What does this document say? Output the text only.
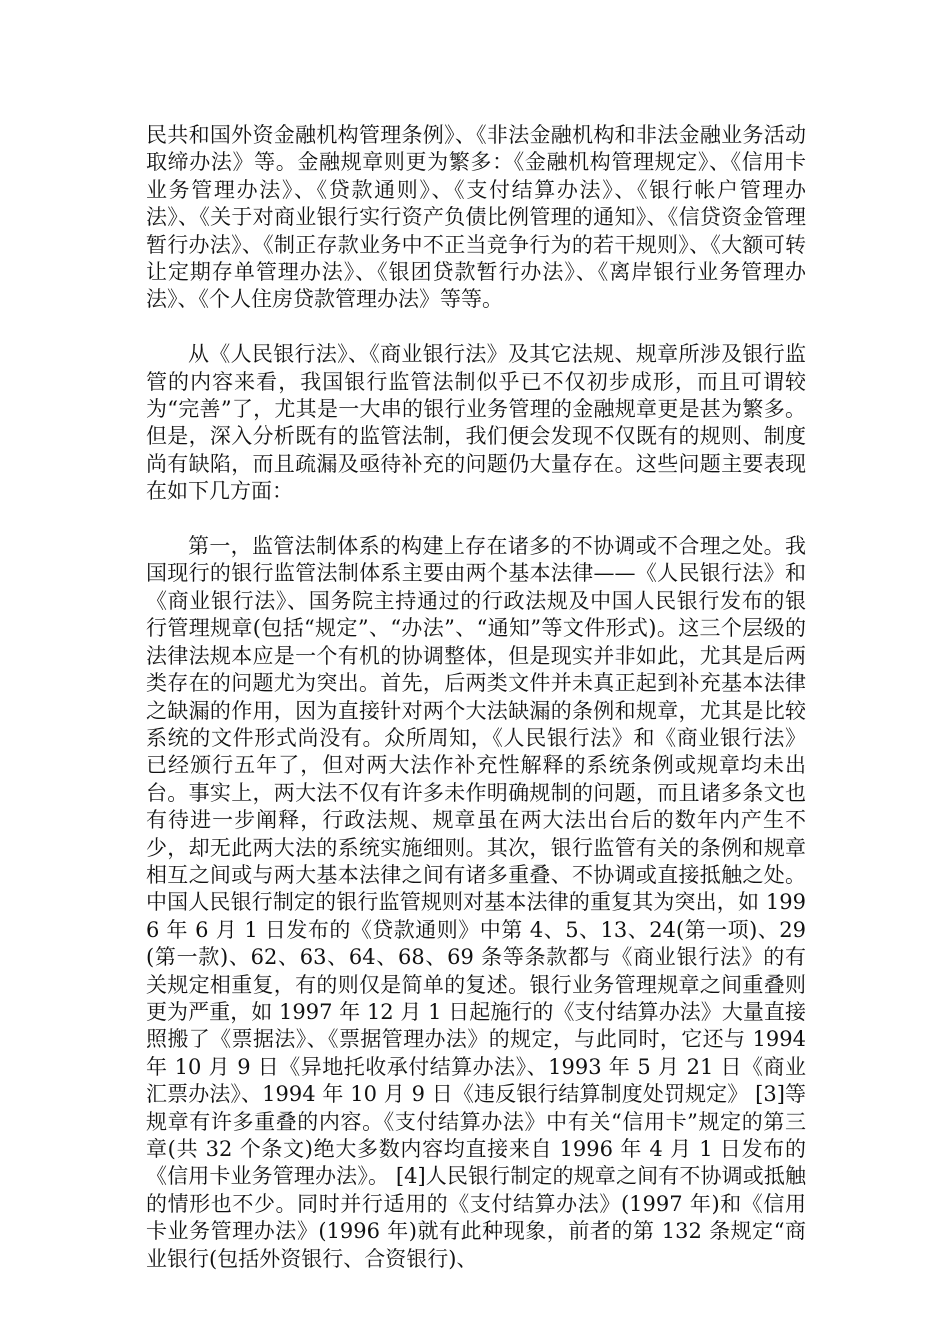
民共和国外资金融机构管理条例》、《非法金融机构和非法金融业务活动取缔办法》等。金融规章则更为繁多：《金融机构管理规定》、《信用卡业务管理办法》、《贷款通则》、《支付结算办法》、《银行帐户管理办法》、《关于对商业银行实行资产负债比例管理的通知》、《信贷资金管理暂行办法》、《制正存款业务中不正当竞争行为的若干规则》、《大额可转让定期存单管理办法》、《银团贷款暂行办法》、《离岸银行业务管理办法》、《个人住房贷款管理办法》等等。

从《人民银行法》、《商业银行法》及其它法规、规章所涉及银行监管的内容来看，我国银行监管法制似乎已不仅初步成形，而且可谓较为“完善”了，尤其是一大串的银行业务管理的金融规章更是甚为繁多。但是，深入分析既有的监管法制，我们便会发现不仅既有的规则、制度尚有缺陷，而且疏漏及亟待补充的问题仍大量存在。这些问题主要表现在如下几方面：

第一，监管法制体系的构建上存在诸多的不协调或不合理之处。我国现行的银行监管法制体系主要由两个基本法律——《人民银行法》和《商业银行法》、国务院主持通过的行政法规及中国人民银行发布的银行管理规章(包括“规定”、“办法”、“通知”等文件形式)。这三个层级的法律法规本应是一个有机的协调整体，但是现实并非如此，尤其是后两类存在的问题尤为突出。首先，后两类文件并未真正起到补充基本法律之缺漏的作用，因为直接针对两个大法缺漏的条例和规章，尤其是比较系统的文件形式尚没有。众所周知，《人民银行法》和《商业银行法》已经颁行五年了，但对两大法作补充性解释的系统条例或规章均未出台。事实上，两大法不仅有许多未作明确规制的问题，而且诸多条文也有待进一步阐释，行政法规、规章虽在两大法出台后的数年内产生不少，却无此两大法的系统实施细则。其次，银行监管有关的条例和规章相互之间或与两大基本法律之间有诸多重叠、不协调或直接抵触之处。中国人民银行制定的银行监管规则对基本法律的重复其为突出，如 1996 年 6 月 1 日发布的《贷款通则》中第 4、5、13、24(第一项)、29(第一款)、62、63、64、68、69 条等条款都与《商业银行法》的有关规定相重复，有的则仅是简单的复述。银行业务管理规章之间重叠则更为严重，如 1997 年 12 月 1 日起施行的《支付结算办法》大量直接照搬了《票据法》、《票据管理办法》的规定，与此同时，它还与 1994 年 10 月 9 日《异地托收承付结算办法》、1993 年 5 月 21 日《商业汇票办法》、1994 年 10 月 9 日《违反银行结算制度处罚规定》 [3]等规章有许多重叠的内容。《支付结算办法》中有关“信用卡”规定的第三章(共 32 个条文)绝大多数内容均直接来自 1996 年 4 月 1 日发布的《信用卡业务管理办法》。 [4]人民银行制定的规章之间有不协调或抵触的情形也不少。同时并行适用的《支付结算办法》(1997 年)和《信用卡业务管理办法》(1996 年)就有此种现象，前者的第 132 条规定“商业银行(包括外资银行、合资银行)、
